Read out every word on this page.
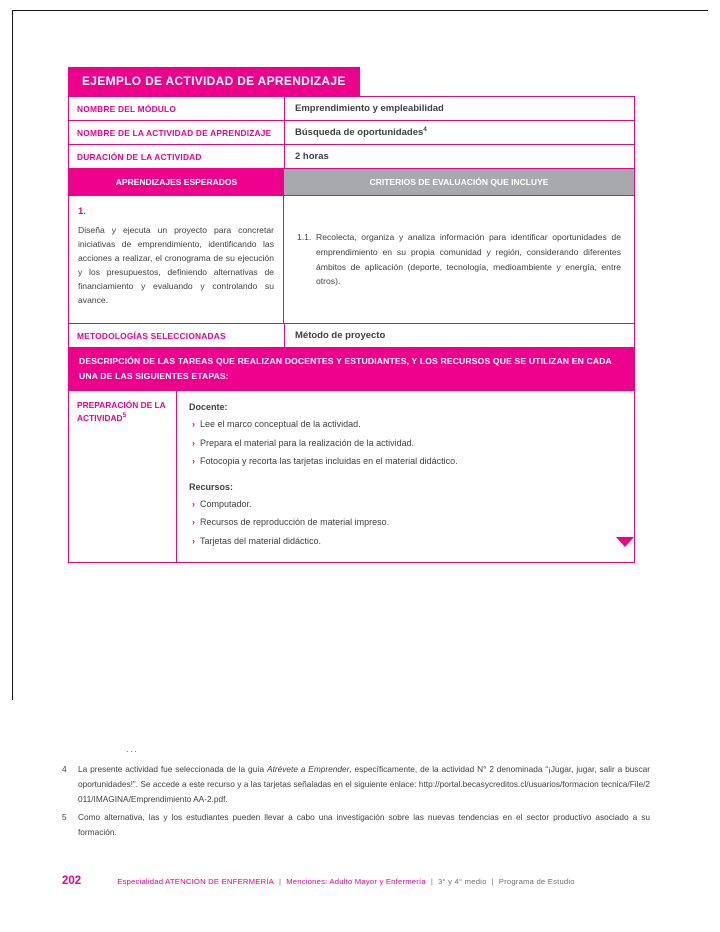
EJEMPLO DE ACTIVIDAD DE APRENDIZAJE
NOMBRE DEL MÓDULO	Emprendimiento y empleabilidad
NOMBRE DE LA ACTIVIDAD DE APRENDIZAJE Búsqueda de oportunidades$^4$
DURACIÓN DE LA ACTIVIDAD	2 horas
APRENDIZAJES ESPERADOS	CRITERIOS DE EVALUACIÓN QUE INCLUYE
1.

Diseña y ejecuta un proyecto para concretar iniciativas de emprendimiento, identificando las acciones a realizar, el cronograma de su ejecución y los presupuestos, definiendo alternativas de financiamiento y evaluando y controlando su avance.

1.1. Recolecta, organiza y analiza información para identificar oportunidades de emprendimiento en su propia comunidad y región, considerando diferentes ámbitos de aplicación (deporte, tecnología, medioambiente y energía, entre otros).

METODOLOGÍAS SELECCIONADAS	Método de proyecto
DESCRIPCIÓN DE LAS TAREAS QUE REALIZAN DOCENTES Y ESTUDIANTES, Y LOS RECURSOS QUE SE UTILIZAN EN CADA UNA DE LAS SIGUIENTES ETAPAS:
PREPARACIÓN DE LA ACTIVIDAD$^5$
Docente:
› Lee el marco conceptual de la actividad.
› Prepara el material para la realización de la actividad.
› Fotocopia y recorta las tarjetas incluidas en el material didáctico.
Recursos:
› Computador.
› Recursos de reproducción de material impreso.
› Tarjetas del material didáctico.
...
4 La presente actividad fue seleccionada de la guía Atrévete a Emprender, específicamente, de la actividad N° 2 denominada “¡Jugar, jugar, salir a buscar oportunidades!”. Se accede a este recurso y a las tarjetas señaladas en el siguiente enlace: http://portal.becasycreditos.cl/usuarios/formacion tecnica/File/2011/IMAGINA/Emprendimiento AA-2.pdf.
5 Como alternativa, las y los estudiantes pueden llevar a cabo una investigación sobre las nuevas tendencias en el sector productivo asociado a su formación.
202	Especialidad ATENCIÓN DE ENFERMERÍA | Menciones: Adulto Mayor y Enfermería | 3° y 4° medio | Programa de Estudio
